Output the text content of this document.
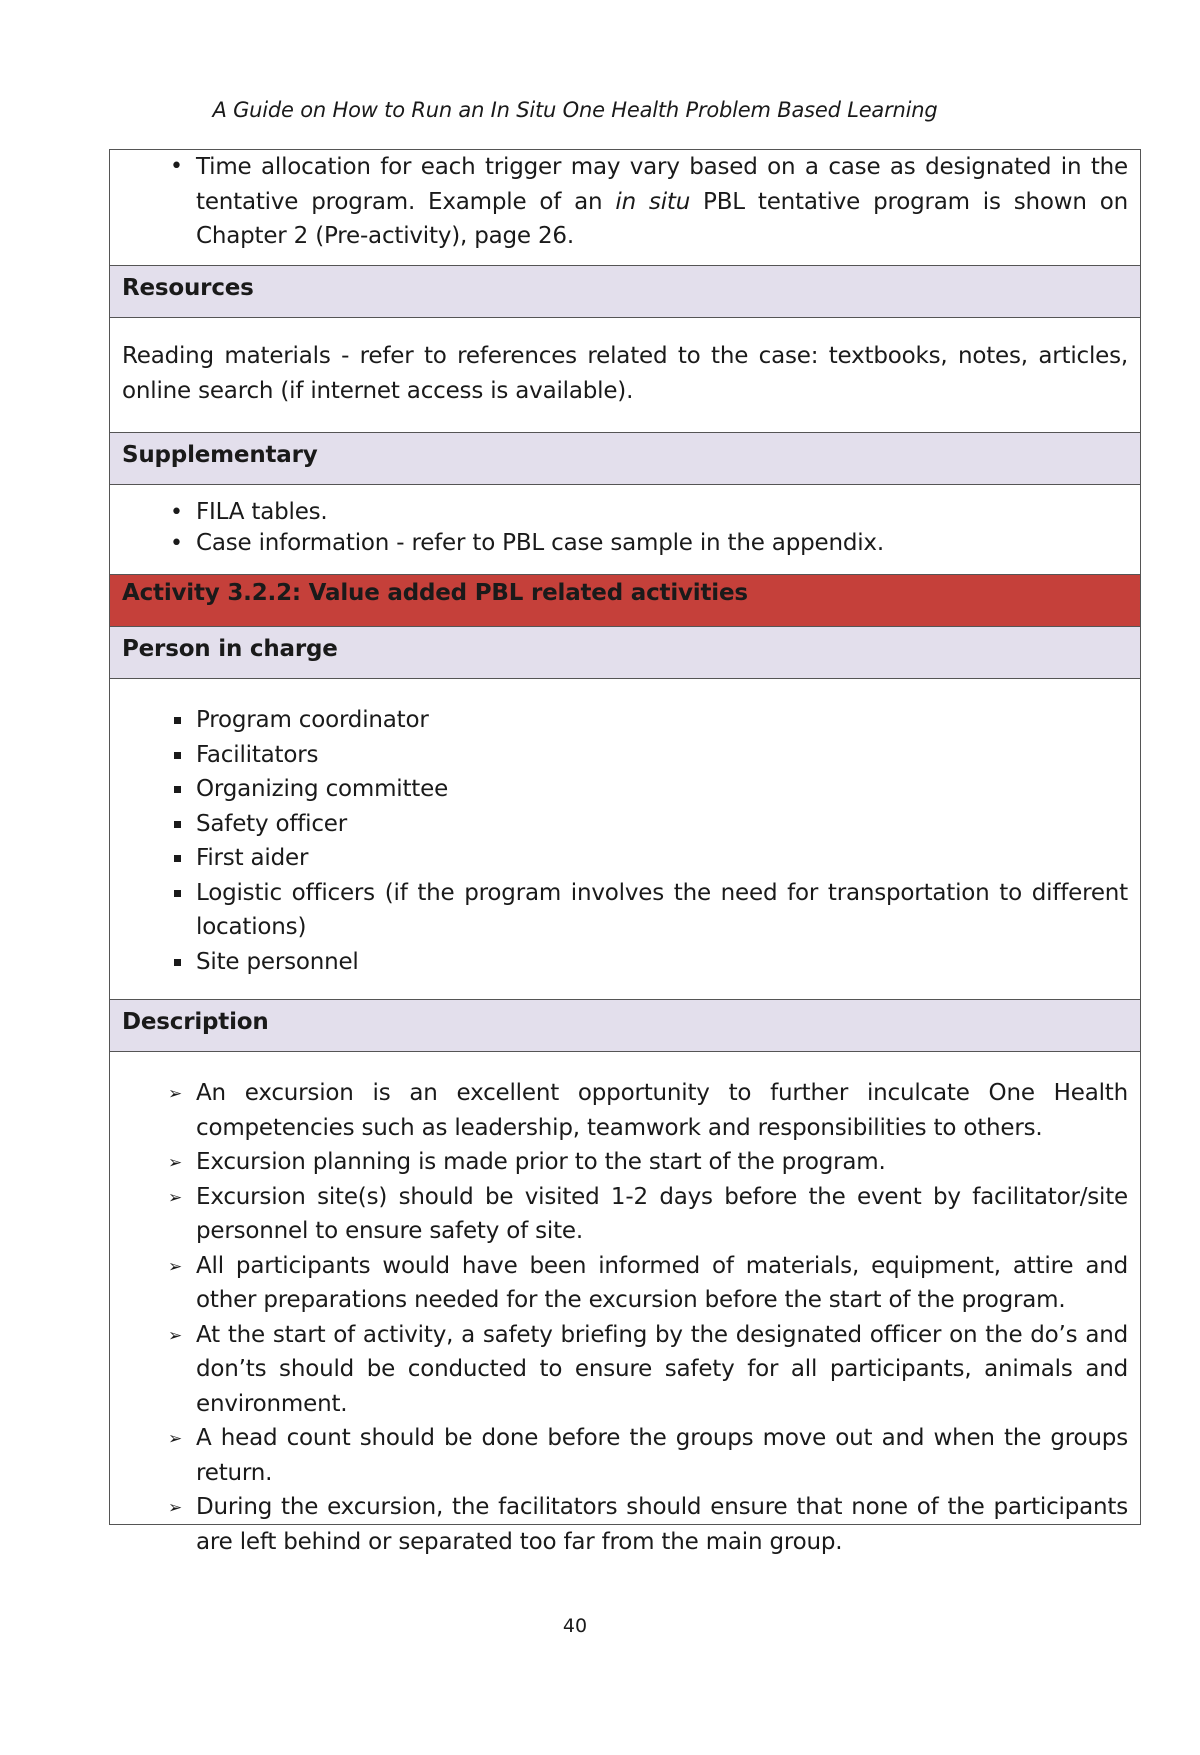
A Guide on How to Run an In Situ One Health Problem Based Learning
• Time allocation for each trigger may vary based on a case as designated in the tentative program. Example of an in situ PBL tentative program is shown on Chapter 2 (Pre-activity), page 26.
Resources
Reading materials - refer to references related to the case: textbooks, notes, articles, online search (if internet access is available).
Supplementary
• FILA tables.
• Case information - refer to PBL case sample in the appendix.
Activity 3.2.2: Value added PBL related activities
Person in charge
Program coordinator
Facilitators
Organizing committee
Safety officer
First aider
Logistic officers (if the program involves the need for transportation to different locations)
Site personnel
Description
➢ An excursion is an excellent opportunity to further inculcate One Health competencies such as leadership, teamwork and responsibilities to others.
➢ Excursion planning is made prior to the start of the program.
➢ Excursion site(s) should be visited 1-2 days before the event by facilitator/site personnel to ensure safety of site.
➢ All participants would have been informed of materials, equipment, attire and other preparations needed for the excursion before the start of the program.
➢ At the start of activity, a safety briefing by the designated officer on the do’s and don’ts should be conducted to ensure safety for all participants, animals and environment.
➢ A head count should be done before the groups move out and when the groups return.
➢ During the excursion, the facilitators should ensure that none of the participants are left behind or separated too far from the main group.
40
